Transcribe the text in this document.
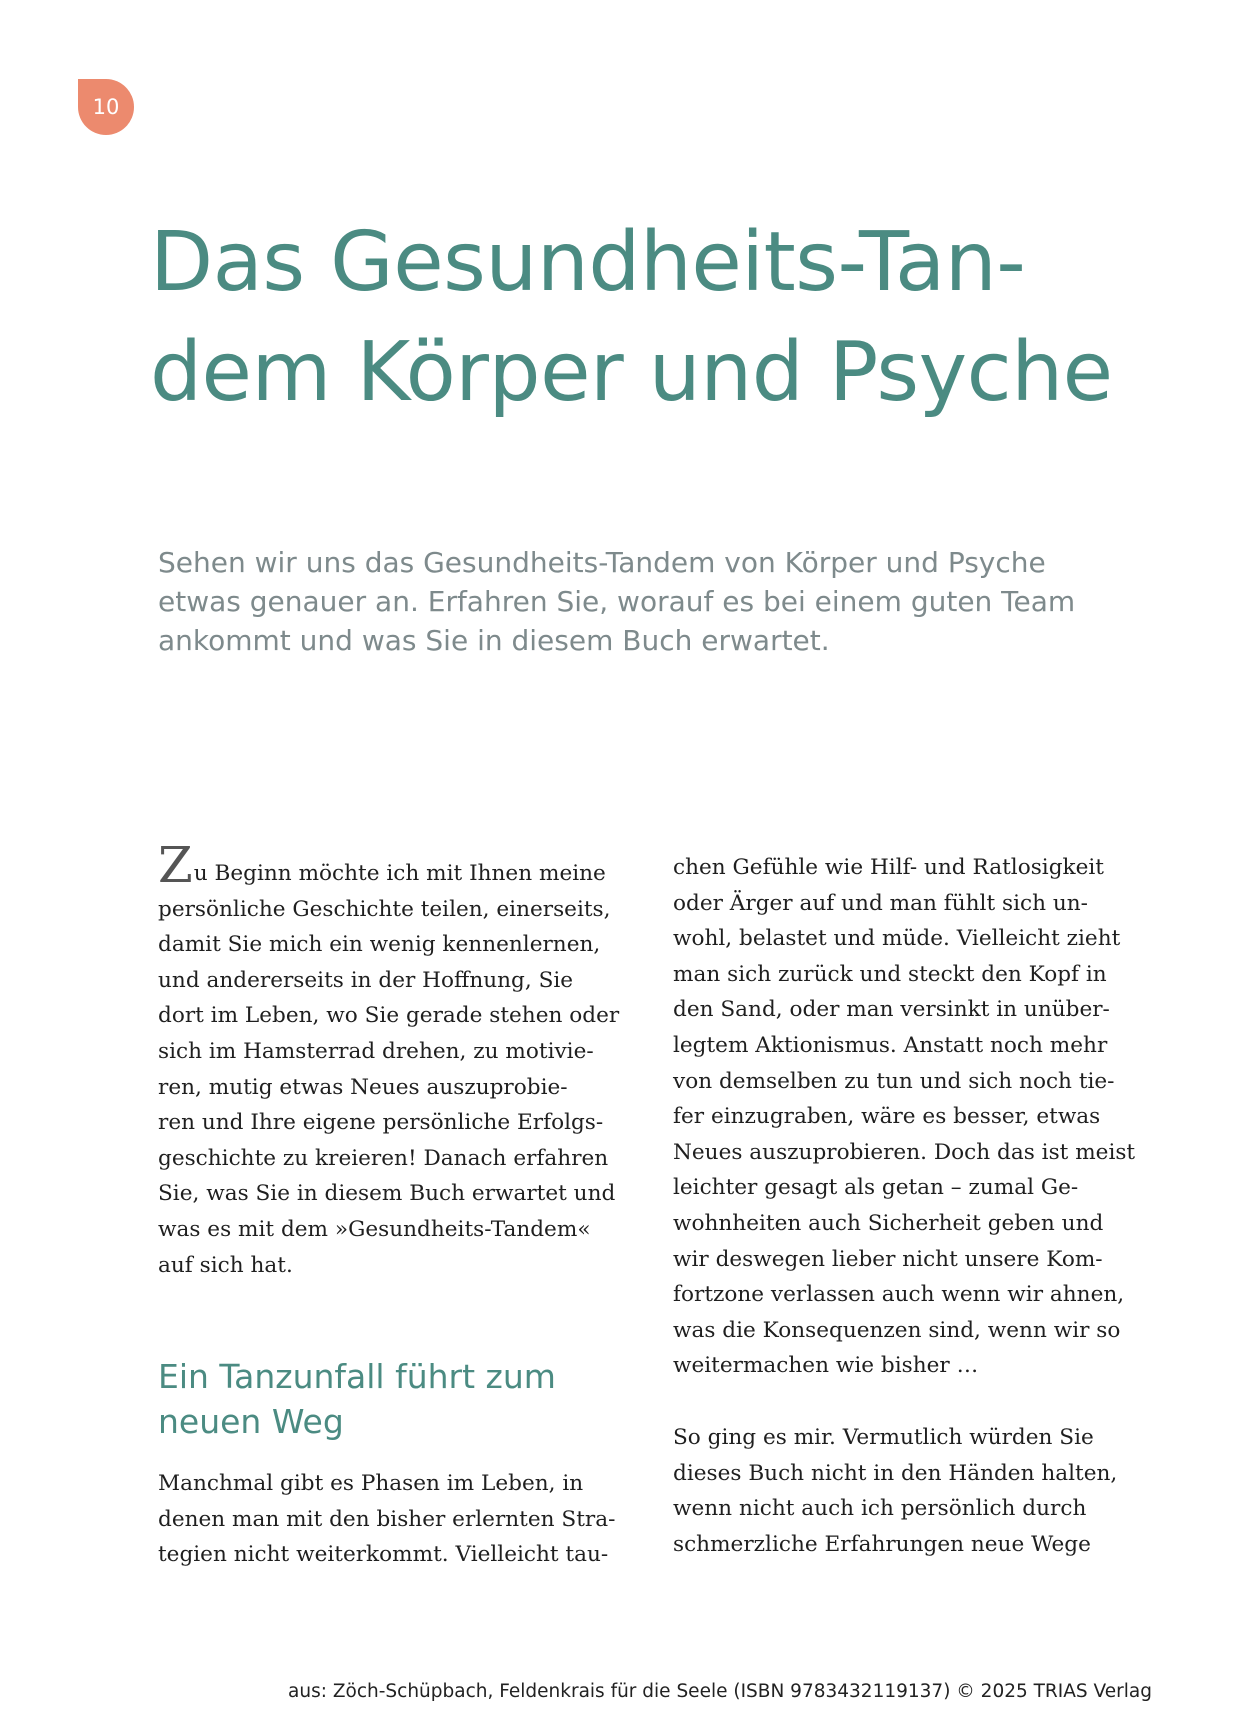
10
Das Gesundheits-Tan-
dem Körper und Psyche

Sehen wir uns das Gesundheits-Tandem von Körper und Psyche
etwas genauer an. Erfahren Sie, worauf es bei einem guten Team
ankommt und was Sie in diesem Buch erwartet.

Zu Beginn möchte ich mit Ihnen meine
persönliche Geschichte teilen, einerseits,
damit Sie mich ein wenig kennenlernen,
und andererseits in der Hoffnung, Sie
dort im Leben, wo Sie gerade stehen oder
sich im Hamsterrad drehen, zu motivie-
ren, mutig etwas Neues auszuprobie-
ren und Ihre eigene persönliche Erfolgs-
geschichte zu kreieren! Danach erfahren
Sie, was Sie in diesem Buch erwartet und
was es mit dem »Gesundheits-Tandem«
auf sich hat.
Ein Tanzunfall führt zum
neuen Weg
Manchmal gibt es Phasen im Leben, in
denen man mit den bisher erlernten Stra-
tegien nicht weiterkommt. Vielleicht tau-
chen Gefühle wie Hilf- und Ratlosigkeit
oder Ärger auf und man fühlt sich un-
wohl, belastet und müde. Vielleicht zieht
man sich zurück und steckt den Kopf in
den Sand, oder man versinkt in unüber-
legtem Aktionismus. Anstatt noch mehr
von demselben zu tun und sich noch tie-
fer einzugraben, wäre es besser, etwas
Neues auszuprobieren. Doch das ist meist
leichter gesagt als getan – zumal Ge-
wohnheiten auch Sicherheit geben und
wir deswegen lieber nicht unsere Kom-
fortzone verlassen auch wenn wir ahnen,
was die Konsequenzen sind, wenn wir so
weitermachen wie bisher …
So ging es mir. Vermutlich würden Sie
dieses Buch nicht in den Händen halten,
wenn nicht auch ich persönlich durch
schmerzliche Erfahrungen neue Wege
aus: Zöch-Schüpbach, Feldenkrais für die Seele (ISBN 9783432119137) © 2025 TRIAS Verlag
